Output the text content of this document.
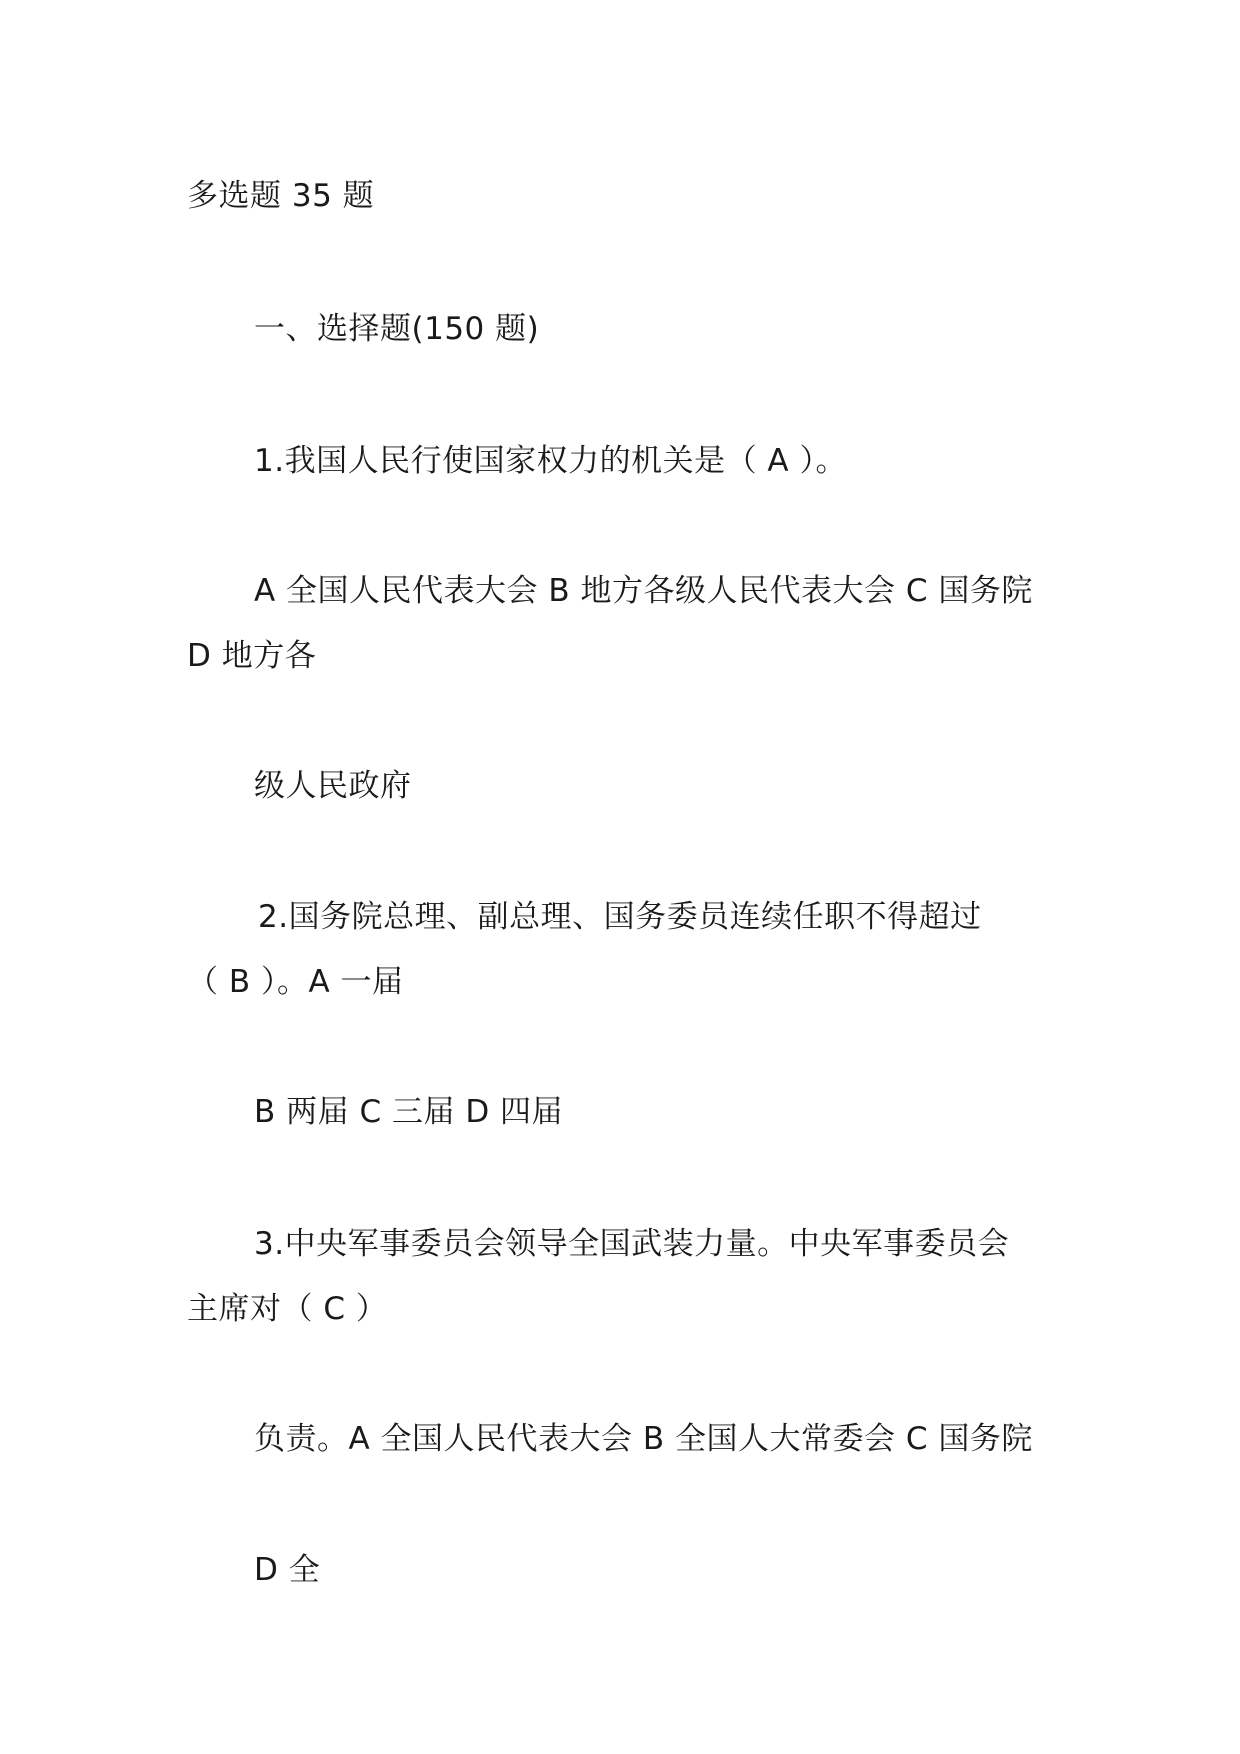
多选题 35 题
一、选择题(150 题)
1.我国人民行使国家权力的机关是（ A ）。
A 全国人民代表大会 B 地方各级人民代表大会 C 国务院
D 地方各
级人民政府
2.国务院总理、副总理、国务委员连续任职不得超过
（ B ）。A 一届
B 两届 C 三届 D 四届
3.中央军事委员会领导全国武装力量。中央军事委员会
主席对（ C ）
负责。A 全国人民代表大会 B 全国人大常委会 C 国务院
D 全
